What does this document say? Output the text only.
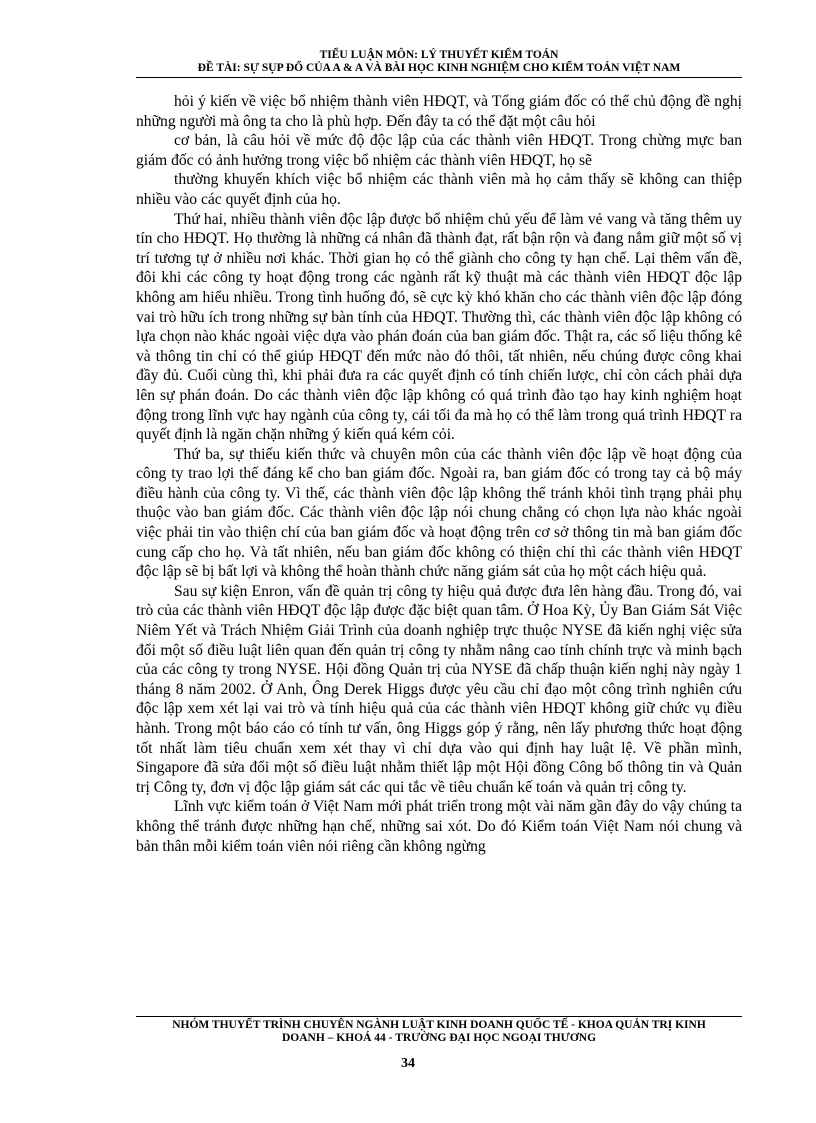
TIỂU LUẬN MÔN: LÝ THUYẾT KIỂM TOÁN
ĐỀ TÀI: SỰ SỤP ĐỔ CỦA A & A VÀ BÀI HỌC KINH NGHIỆM CHO KIỂM TOÁN VIỆT NAM

hỏi ý kiến về việc bổ nhiệm thành viên HĐQT, và Tổng giám đốc có thể chủ động đề nghị những người mà ông ta cho là phù hợp. Đến đây ta có thể đặt một câu hỏi

cơ bản, là câu hỏi về mức độ độc lập của các thành viên HĐQT. Trong chừng mực ban giám đốc có ảnh hưởng trong việc bổ nhiệm các thành viên HĐQT, họ sẽ

thường khuyến khích việc bổ nhiệm các thành viên mà họ cảm thấy sẽ không can thiệp nhiều vào các quyết định của họ.

Thứ hai, nhiều thành viên độc lập được bổ nhiệm chủ yếu để làm vẻ vang và tăng thêm uy tín cho HĐQT. Họ thường là những cá nhân đã thành đạt, rất bận rộn và đang nắm giữ một số vị trí tương tự ở nhiều nơi khác. Thời gian họ có thể giành cho công ty hạn chế. Lại thêm vấn đề, đôi khi các công ty hoạt động trong các ngành rất kỹ thuật mà các thành viên HĐQT độc lập không am hiểu nhiều. Trong tình huống đó, sẽ cực kỳ khó khăn cho các thành viên độc lập đóng vai trò hữu ích trong những sự bàn tính của HĐQT. Thường thì, các thành viên độc lập không có lựa chọn nào khác ngoài việc dựa vào phán đoán của ban giám đốc. Thật ra, các số liệu thống kê và thông tin chỉ có thể giúp HĐQT đến mức nào đó thôi, tất nhiên, nếu chúng được công khai đầy đủ. Cuối cùng thì, khi phải đưa ra các quyết định có tính chiến lược, chỉ còn cách phải dựa lên sự phán đoán. Do các thành viên độc lập không có quá trình đào tạo hay kinh nghiệm hoạt động trong lĩnh vực hay ngành của công ty, cái tối đa mà họ có thể làm trong quá trình HĐQT ra quyết định là ngăn chặn những ý kiến quá kém cỏi.

Thứ ba, sự thiếu kiến thức và chuyên môn của các thành viên độc lập về hoạt động của công ty trao lợi thế đáng kể cho ban giám đốc. Ngoài ra, ban giám đốc có trong tay cả bộ máy điều hành của công ty. Vì thế, các thành viên độc lập không thể tránh khỏi tình trạng phải phụ thuộc vào ban giám đốc. Các thành viên độc lập nói chung chẳng có chọn lựa nào khác ngoài việc phải tin vào thiện chí của ban giám đốc và hoạt động trên cơ sở thông tin mà ban giám đốc cung cấp cho họ. Và tất nhiên, nếu ban giám đốc không có thiện chí thì các thành viên HĐQT độc lập sẽ bị bất lợi và không thể hoàn thành chức năng giám sát của họ một cách hiệu quả.

Sau sự kiện Enron, vấn đề quản trị công ty hiệu quả được đưa lên hàng đầu. Trong đó, vai trò của các thành viên HĐQT độc lập được đặc biệt quan tâm. Ở Hoa Kỳ, Ủy Ban Giám Sát Việc Niêm Yết và Trách Nhiệm Giải Trình của doanh nghiệp trực thuộc NYSE đã kiến nghị việc sửa đổi một số điều luật liên quan đến quản trị công ty nhằm nâng cao tính chính trực và minh bạch của các công ty trong NYSE. Hội đồng Quản trị của NYSE đã chấp thuận kiến nghị này ngày 1 tháng 8 năm 2002. Ở Anh, Ông Derek Higgs được yêu cầu chỉ đạo một công trình nghiên cứu độc lập xem xét lại vai trò và tính hiệu quả của các thành viên HĐQT không giữ chức vụ điều hành. Trong một báo cáo có tính tư vấn, ông Higgs góp ý rằng, nên lấy phương thức hoạt động tốt nhất làm tiêu chuẩn xem xét thay vì chỉ dựa vào qui định hay luật lệ. Về phần mình, Singapore đã sửa đổi một số điều luật nhằm thiết lập một Hội đồng Công bố thông tin và Quản trị Công ty, đơn vị độc lập giám sát các qui tắc về tiêu chuẩn kế toán và quản trị công ty.

Lĩnh vực kiểm toán ở Việt Nam mới phát triển trong một vài năm gần đây do vậy chúng ta không thể tránh được những hạn chế, những sai xót. Do đó Kiểm toán Việt Nam nói chung và bản thân mỗi kiểm toán viên nói riêng cần không ngừng

NHÓM THUYẾT TRÌNH CHUYÊN NGÀNH LUẬT KINH DOANH QUỐC TẾ - KHOA QUẢN TRỊ KINH
DOANH – KHOÁ 44 - TRƯỜNG ĐẠI HỌC NGOẠI THƯƠNG
34
